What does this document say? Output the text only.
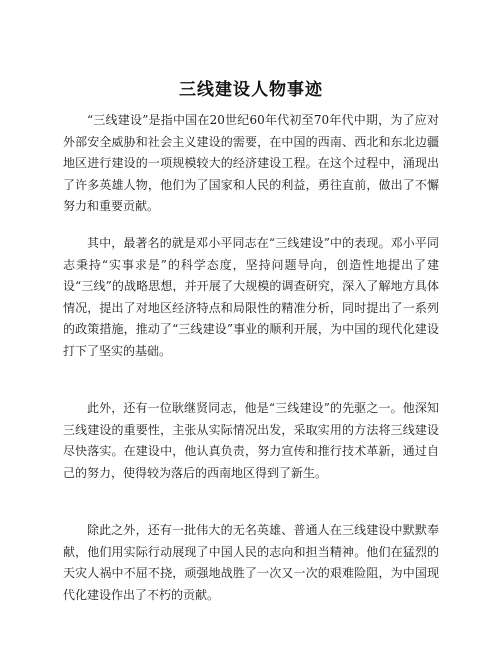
三线建设人物事迹

“三线建设”是指中国在20世纪60年代初至70年代中期，为了应对外部安全威胁和社会主义建设的需要，在中国的西南、西北和东北边疆地区进行建设的一项规模较大的经济建设工程。在这个过程中，涌现出了许多英雄人物，他们为了国家和人民的利益，勇往直前，做出了不懈努力和重要贡献。

其中，最著名的就是邓小平同志在“三线建设”中的表现。邓小平同志秉持“实事求是”的科学态度，坚持问题导向，创造性地提出了建设“三线”的战略思想，并开展了大规模的调查研究，深入了解地方具体情况，提出了对地区经济特点和局限性的精准分析，同时提出了一系列的政策措施，推动了“三线建设”事业的顺利开展，为中国的现代化建设打下了坚实的基础。

此外，还有一位耿继贤同志，他是“三线建设”的先驱之一。他深知三线建设的重要性，主张从实际情况出发，采取实用的方法将三线建设尽快落实。在建设中，他认真负责，努力宣传和推行技术革新，通过自己的努力，使得较为落后的西南地区得到了新生。

除此之外，还有一批伟大的无名英雄、普通人在三线建设中默默奉献，他们用实际行动展现了中国人民的志向和担当精神。他们在猛烈的天灾人祸中不屈不挠，顽强地战胜了一次又一次的艰难险阻，为中国现代化建设作出了不朽的贡献。
